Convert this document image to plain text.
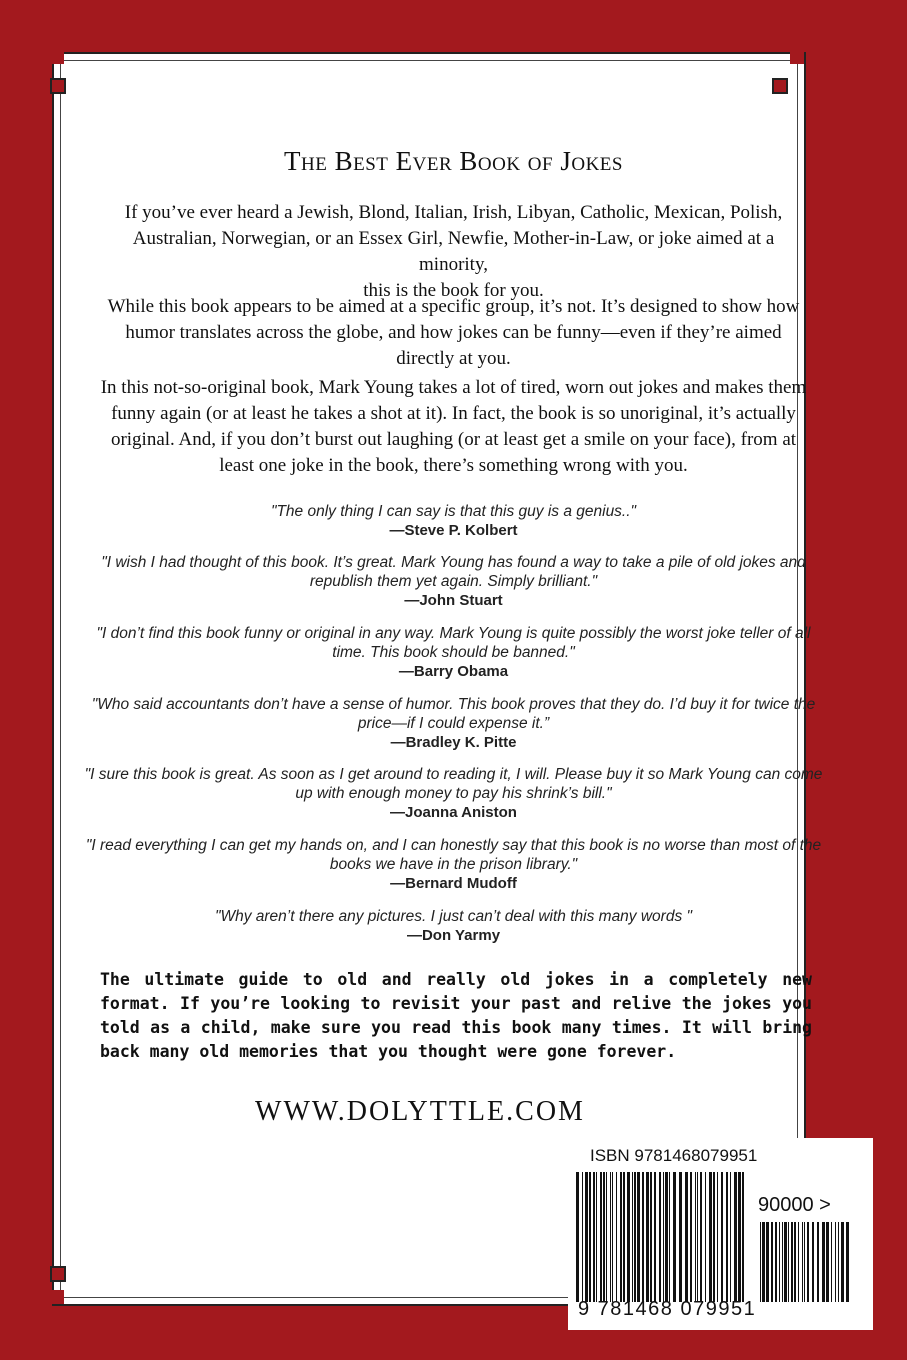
The Best Ever Book of Jokes
If you’ve ever heard a Jewish, Blond, Italian, Irish, Libyan, Catholic, Mexican, Polish, Australian, Norwegian, or an Essex Girl, Newfie, Mother-in-Law, or joke aimed at a minority,
this is the book for you.
While this book appears to be aimed at a specific group, it’s not. It’s designed to show how humor translates across the globe, and how jokes can be funny—even if they’re aimed directly at you.
In this not-so-original book, Mark Young takes a lot of tired, worn out jokes and makes them funny again (or at least he takes a shot at it). In fact, the book is so unoriginal, it’s actually original. And, if you don’t burst out laughing (or at least get a smile on your face), from at least one joke in the book, there’s something wrong with you.
"The only thing I can say is that this guy is a genius.."
—Steve P. Kolbert
"I wish I had thought of this book. It’s great. Mark Young has found a way to take a pile of old jokes and republish them yet again. Simply brilliant."
—John Stuart
"I don’t find this book funny or original in any way. Mark Young is quite possibly the worst joke teller of all time. This book should be banned."
—Barry Obama
"Who said accountants don’t have a sense of humor. This book proves that they do. I’d buy it for twice the price—if I could expense it.”
—Bradley K. Pitte
"I sure this book is great. As soon as I get around to reading it, I will. Please buy it so Mark Young can come up with enough money to pay his shrink’s bill."
—Joanna Aniston
"I read everything I can get my hands on, and I can honestly say that this book is no worse than most of the books we have in the prison library."
—Bernard Mudoff
"Why aren’t there any pictures. I just can’t deal with this many words "
—Don Yarmy
The ultimate guide to old and really old jokes in a completely new format. If you’re looking to revisit your past and relive the jokes you told as a child, make sure you read this book many times. It will bring back many old memories that you thought were gone forever.
WWW.DOLYTTLE.COM
ISBN 9781468079951
90000 >
9 781468 079951
